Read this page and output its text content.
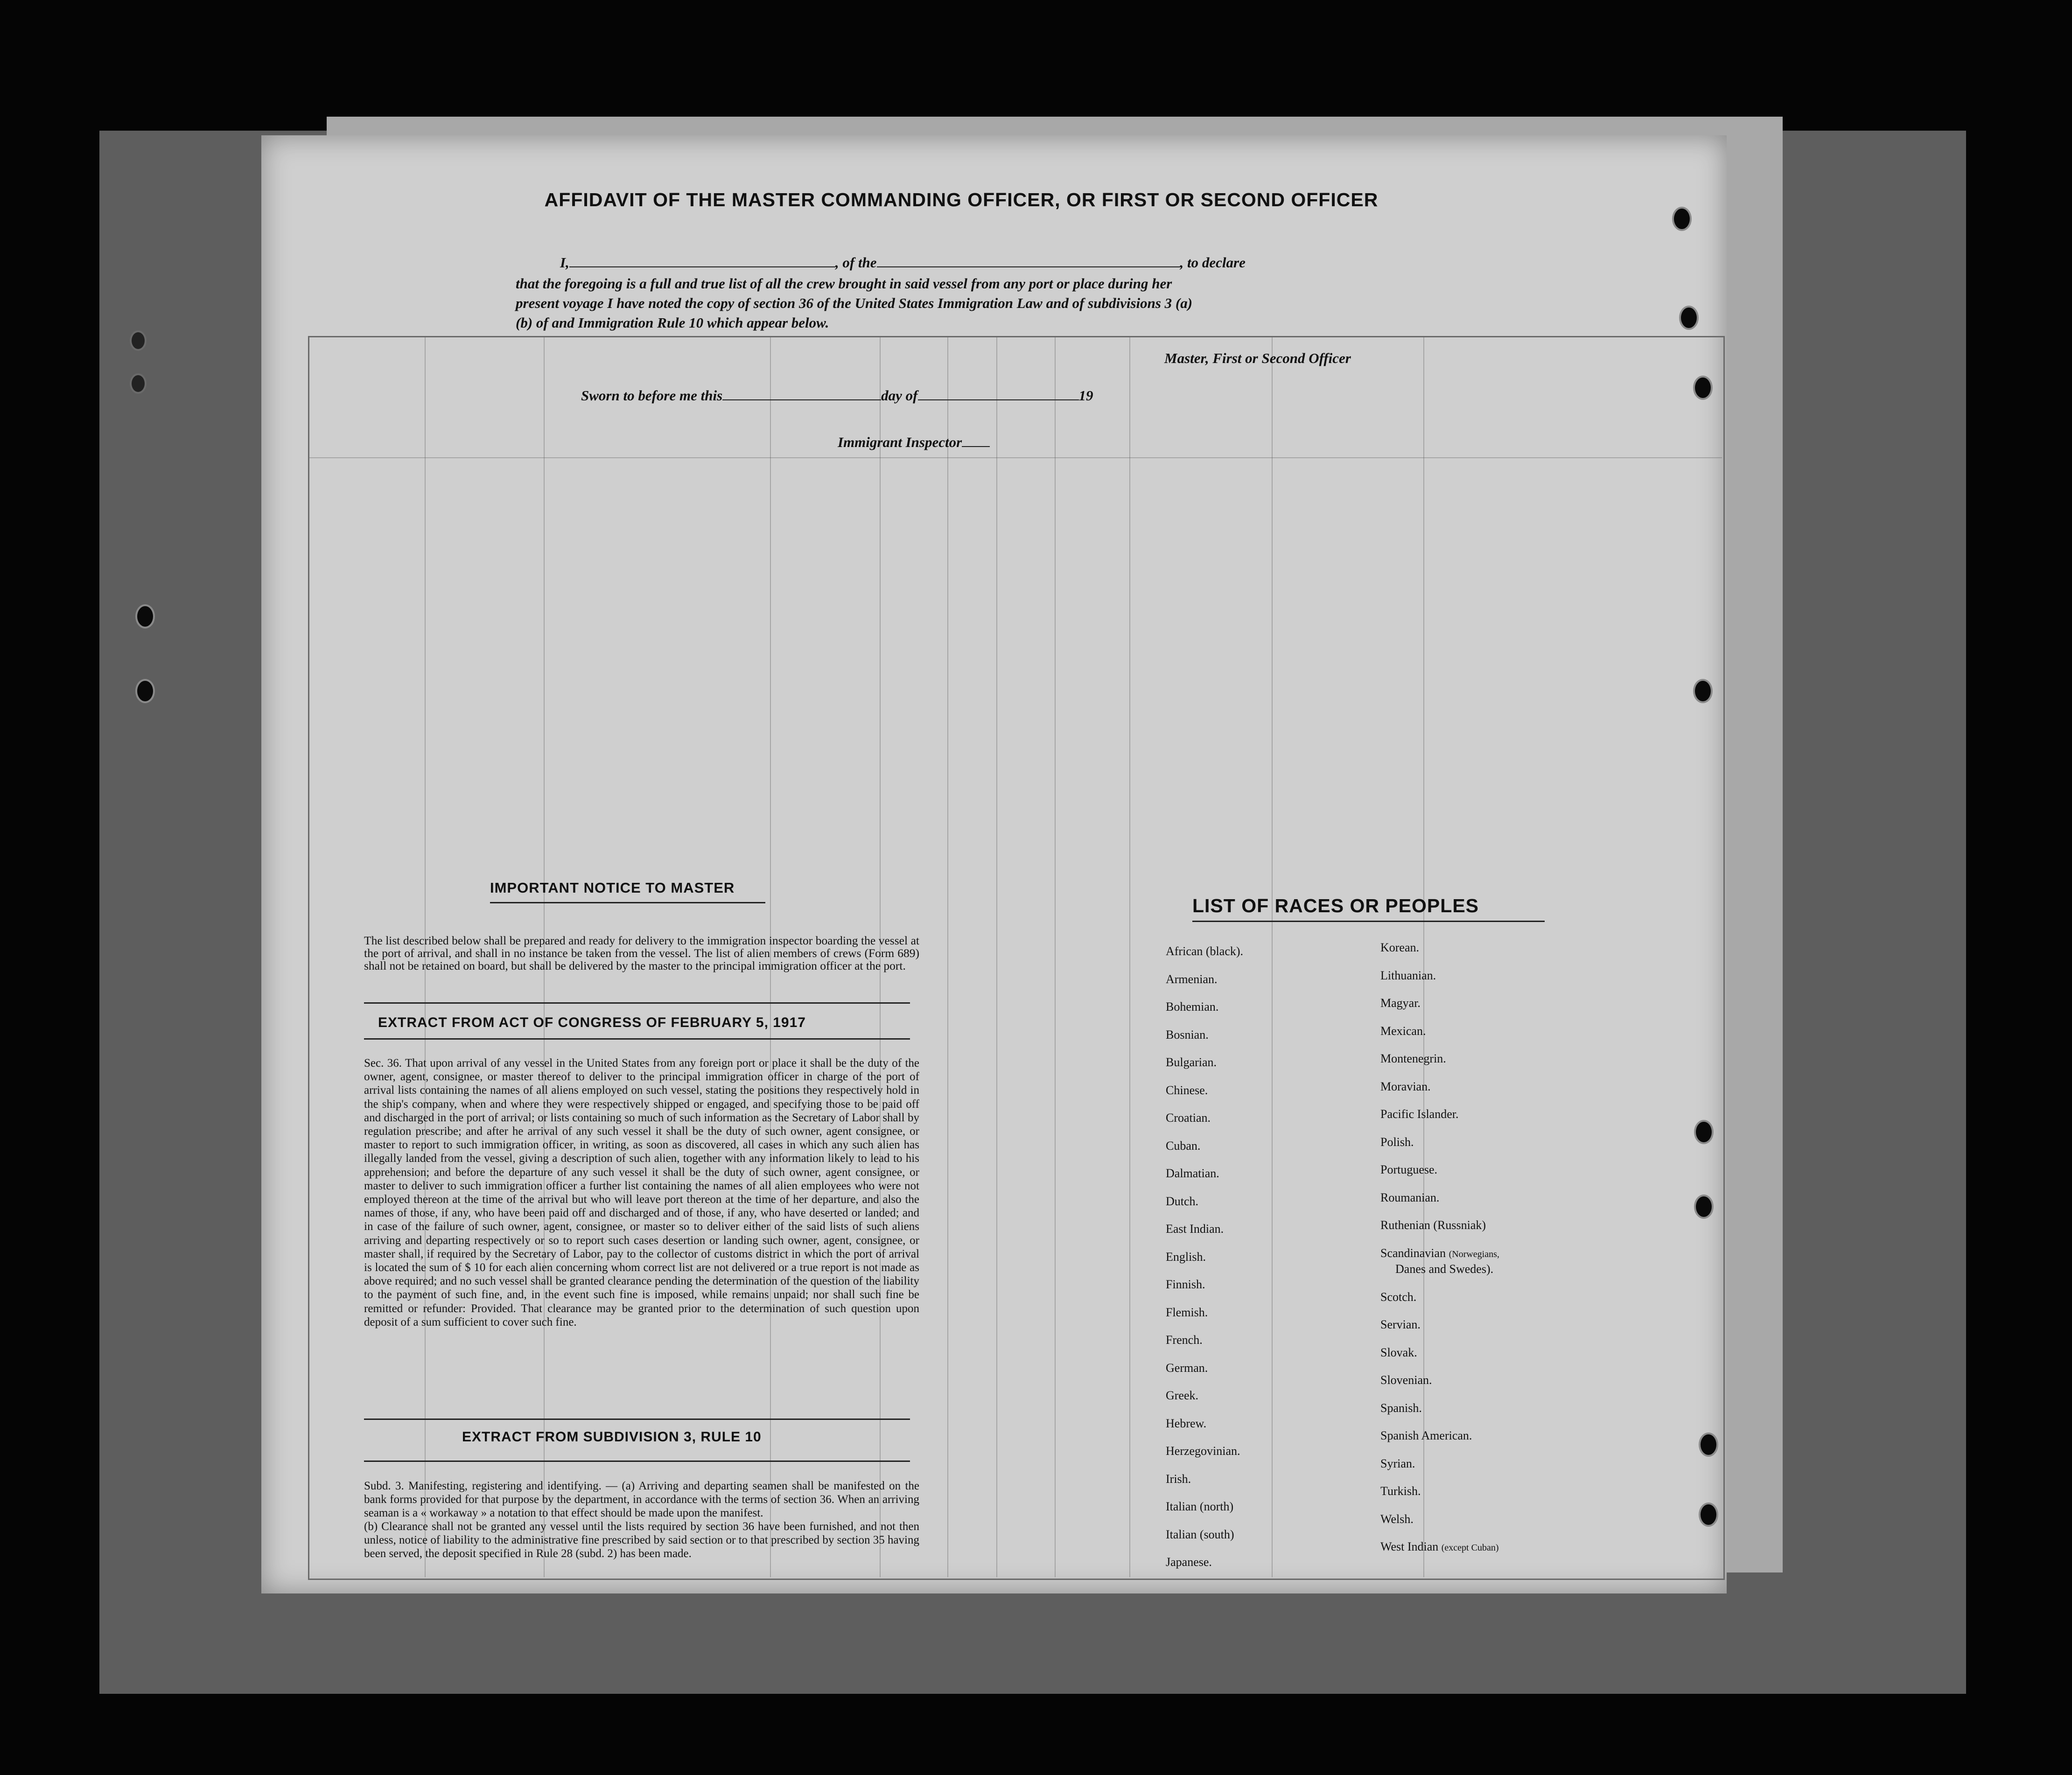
AFFIDAVIT OF THE MASTER COMMANDING OFFICER, OR FIRST OR SECOND OFFICER
I,	, of the	, to declare
that the foregoing is a full and true list of all the crew brought in said vessel from any port or place during her
present voyage I have noted the copy of section 36 of the United States Immigration Law and of subdivisions 3 (a)
(b) of and Immigration Rule 10 which appear below.
Master, First or Second Officer
Sworn to before me this	day of	19
Immigrant Inspector
IMPORTANT NOTICE TO MASTER
The list described below shall be prepared and ready for delivery to the immigration inspector boarding the vessel at the port of arrival, and shall in no instance be taken from the vessel. The list of alien members of crews (Form 689) shall not be retained on board, but shall be delivered by the master to the principal immigration officer at the port.
EXTRACT FROM ACT OF CONGRESS OF FEBRUARY 5, 1917
Sec. 36. That upon arrival of any vessel in the United States from any foreign port or place it shall be the duty of the owner, agent, consignee, or master thereof to deliver to the principal immigration officer in charge of the port of arrival lists containing the names of all aliens employed on such vessel, stating the positions they respectively hold in the ship's company, when and where they were respectively shipped or engaged, and specifying those to be paid off and discharged in the port of arrival; or lists containing so much of such information as the Secretary of Labor shall by regulation prescribe; and after he arrival of any such vessel it shall be the duty of such owner, agent consignee, or master to report to such immigration officer, in writing, as soon as discovered, all cases in which any such alien has illegally landed from the vessel, giving a description of such alien, together with any information likely to lead to his apprehension; and before the departure of any such vessel it shall be the duty of such owner, agent consignee, or master to deliver to such immigration officer a further list containing the names of all alien employees who were not employed thereon at the time of the arrival but who will leave port thereon at the time of her departure, and also the names of those, if any, who have been paid off and discharged and of those, if any, who have deserted or landed; and in case of the failure of such owner, agent, consignee, or master so to deliver either of the said lists of such aliens arriving and departing respectively or so to report such cases desertion or landing such owner, agent, consignee, or master shall, if required by the Secretary of Labor, pay to the collector of customs district in which the port of arrival is located the sum of $ 10 for each alien concerning whom correct list are not delivered or a true report is not made as above required; and no such vessel shall be granted clearance pending the determination of the question of the liability to the payment of such fine, and, in the event such fine is imposed, while remains unpaid; nor shall such fine be remitted or refunder: Provided. That clearance may be granted prior to the determination of such question upon deposit of a sum sufficient to cover such fine.
EXTRACT FROM SUBDIVISION 3, RULE 10
Subd. 3. Manifesting, registering and identifying. — (a) Arriving and departing seamen shall be manifested on the bank forms provided for that purpose by the department, in accordance with the terms of section 36. When an arriving seaman is a « workaway » a notation to that effect should be made upon the manifest.
(b) Clearance shall not be granted any vessel until the lists required by section 36 have been furnished, and not then unless, notice of liability to the administrative fine prescribed by said section or to that prescribed by section 35 having been served, the deposit specified in Rule 28 (subd. 2) has been made.
LIST OF RACES OR PEOPLES
African (black).
Armenian.
Bohemian.
Bosnian.
Bulgarian.
Chinese.
Croatian.
Cuban.
Dalmatian.
Dutch.
East Indian.
English.
Finnish.
Flemish.
French.
German.
Greek.
Hebrew.
Herzegovinian.
Irish.
Italian (north)
Italian (south)
Japanese.
Korean.
Lithuanian.
Magyar.
Mexican.
Montenegrin.
Moravian.
Pacific Islander.
Polish.
Portuguese.
Roumanian.
Ruthenian (Russniak)
Scandinavian (Norwegians,
Danes and Swedes).
Scotch.
Servian.
Slovak.
Slovenian.
Spanish.
Spanish American.
Syrian.
Turkish.
Welsh.
West Indian (except Cuban)
